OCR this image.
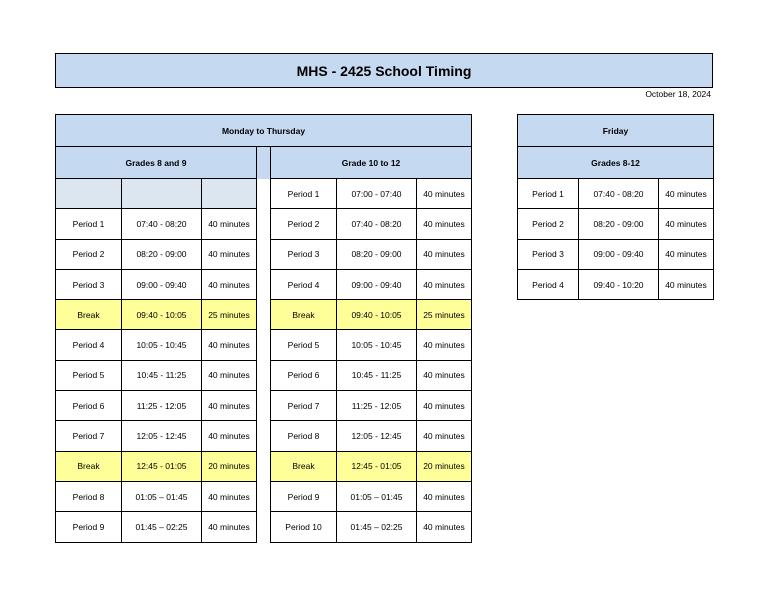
MHS - 2425 School Timing
October 18, 2024
Monday to Thursday						
Grades 8 and 9				Grade 10 to 12		
				Period 1	07:00 - 07:40	40 minutes
Period 1	07:40 - 08:20	40 minutes		Period 2	07:40 - 08:20	40 minutes
Period 2	08:20 - 09:00	40 minutes		Period 3	08:20 - 09:00	40 minutes
Period 3	09:00 - 09:40	40 minutes		Period 4	09:00 - 09:40	40 minutes
Break	09:40 - 10:05	25 minutes		Break	09:40 - 10:05	25 minutes
Period 4	10:05 - 10:45	40 minutes		Period 5	10:05 - 10:45	40 minutes
Period 5	10:45 - 11:25	40 minutes		Period 6	10:45 - 11:25	40 minutes
Period 6	11:25 - 12:05	40 minutes		Period 7	11:25 - 12:05	40 minutes
Period 7	12:05 - 12:45	40 minutes		Period 8	12:05 - 12:45	40 minutes
Break	12:45 - 01:05	20 minutes		Break	12:45 - 01:05	20 minutes
Period 8	01:05 – 01:45	40 minutes		Period 9	01:05 – 01:45	40 minutes
Period 9	01:45 – 02:25	40 minutes		Period 10	01:45 – 02:25	40 minutes
Friday		
Grades 8-12		
Period 1	07:40 - 08:20	40 minutes
Period 2	08:20 - 09:00	40 minutes
Period 3	09:00 - 09:40	40 minutes
Period 4	09:40 - 10:20	40 minutes
